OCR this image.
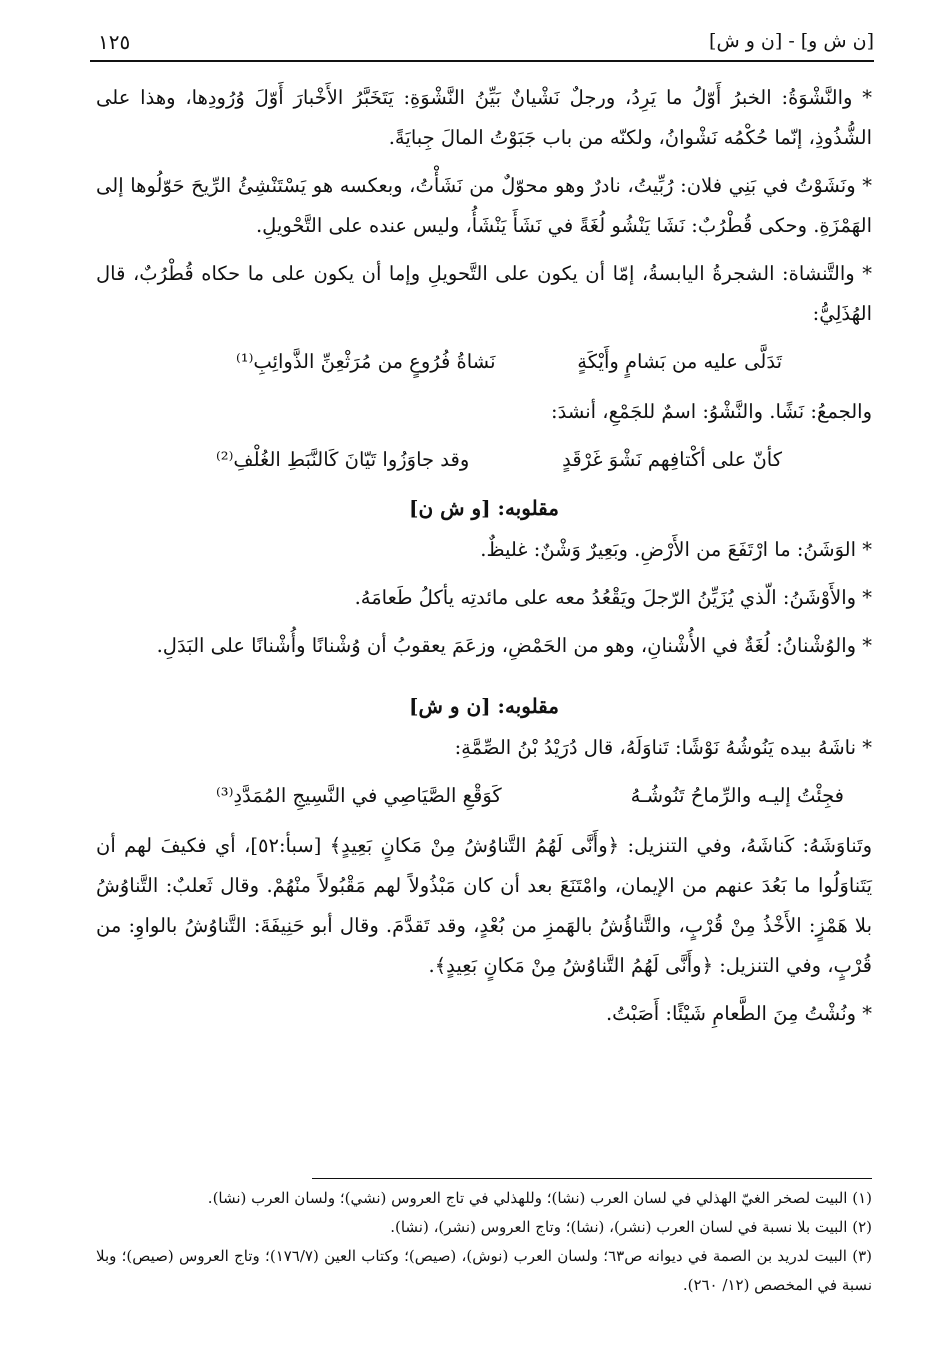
[ن ش و] - [ن و ش]
١٢٥

* والنَّشْوَةُ: الخبرُ أَوّلُ ما يَرِدُ، ورجلٌ نَشْيانٌ بَيِّنُ النَّشْوَةِ: يَتَخَبَّرُ الأَخْبارَ أَوّلَ وُرُودِها، وهذا على الشُّذُوذِ، إنّما حُكْمُه نَشْوانُ، ولكنّه من باب جَبَوْتُ المالَ جِبايَةً.

* ونَشَوْتُ في بَنِي فلان: رُبِّيتُ، نادرٌ وهو محوّلٌ من نَشَأْتُ، وبعكسه هو يَسْتَنْشِئُ الرِّيحَ حَوّلُوها إلى الهَمْزَةِ. وحكى قُطْرُبٌ: نَشَا يَنْشُو لُغَةً في نَشَأَ يَنْشَأُ، وليس عنده على التَّحْويلِ.

* والتَّنشاة: الشجرةُ اليابسةُ، إمّا أن يكون على التَّحويلِ وإما أن يكون على ما حكاه قُطْرُبٌ، قال الهُذَلِيُّ:

تَدَلَّى عليه من بَشامٍ وأَيْكَةٍ
نَشاةُ فُرُوعٍ من مُرَثْعِنِّ الذَّوائِبِ⁽¹⁾

والجمعُ: نَشًا. والنَّشْوُ: اسمٌ للجَمْعِ، أنشدَ:

كأنّ على أكْتافِهم نَشْوَ غَرْقَدٍ
وقد جاوَزُوا تَيّانَ كَالنَّبَطِ الغُلْفِ⁽²⁾
مقلوبه: [و ش ن]

* الوَشَنُ: ما ارْتَفَعَ من الأَرْضِ. وبَعِيرٌ وَشْنٌ: غليظٌ.

* والأَوْشَنُ: الّذي يُزَيِّنُ الرّجلَ ويَقْعُدُ معه على مائدتِه يأكلُ طَعامَهُ.

* والوُشْنانُ: لُغَةٌ في الأُشْنانِ، وهو من الحَمْضِ، وزعَمَ يعقوبُ أن وُشْنانًا وأُشْنانًا على البَدَلِ.

مقلوبه: [ن و ش]

* ناشَهُ بيده يَنُوشُهُ نَوْشًا: تَناوَلَهُ، قال دُرَيْدُ بْنُ الصِّمَّةِ:

فجِئْتُ إليـه والرِّماحُ تَنُوشُـهُ
كَوَقْعِ الصَّيَاصِي في النَّسِيجِ المُمَدَّدِ⁽³⁾

وتَناوَشَهُ: كَناشَهُ، وفي التنزيل: ﴿وأَنَّى لَهُمُ التَّناوُشُ مِنْ مَكانٍ بَعِيدٍ﴾ [سبأ:٥٢]، أي فكيفَ لهم أن يَتَناوَلُوا ما بَعُدَ عنهم من الإيمان، وامْتَنَعَ بعد أن كان مَبْذُولاً لهم مَقْبُولاً منْهُمْ. وقال ثَعلبٌ: التَّناوُشُ بلا هَمْزٍ: الأَخْذُ مِنْ قُرْبٍ، والتَّناؤُشُ بالهَمزِ من بُعْدٍ، وقد تَقدَّمَ. وقال أبو حَنِيفَةَ: التَّناوُشُ بالواوِ: من قُرْبٍ، وفي التنزيل: ﴿وأَنَّى لَهُمُ التَّناوُشُ مِنْ مَكانٍ بَعِيدٍ﴾.

* ونُشْتُ مِنَ الطَّعامِ شَيْئًا: أَصَبْتُ.

(١) البيت لصخر الغيّ الهذلي في لسان العرب (نشا)؛ وللهذلي في تاج العروس (نشي)؛ ولسان العرب (نشا).

(٢) البيت بلا نسبة في لسان العرب (نشر)، (نشا)؛ وتاج العروس (نشر)، (نشا).

(٣) البيت لدريد بن الصمة في ديوانه ص٦٣؛ ولسان العرب (نوش)، (صيص)؛ وكتاب العين (١٧٦/٧)؛ وتاج العروس (صيص)؛ وبلا نسبة في المخصص (١٢/ ٢٦٠).
